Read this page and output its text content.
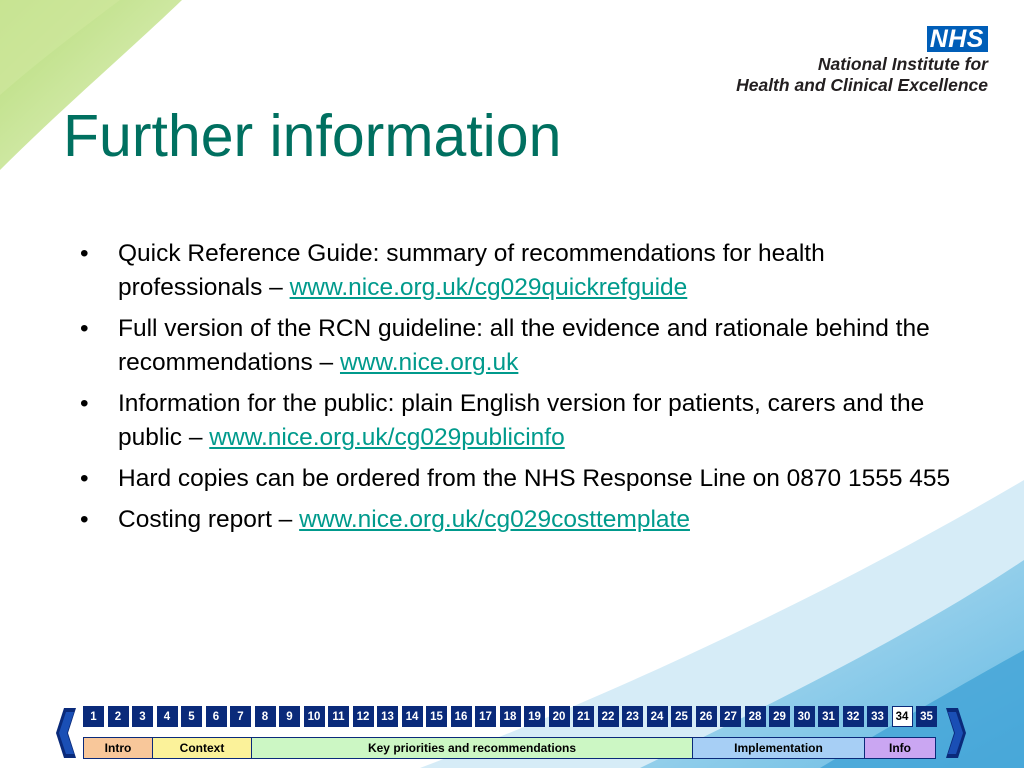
NHS
National Institute for
Health and Clinical Excellence
Further information
• Quick Reference Guide: summary of recommendations for health professionals – www.nice.org.uk/cg029quickrefguide
• Full version of the RCN guideline: all the evidence and rationale behind the recommendations – www.nice.org.uk
• Information for the public: plain English version for patients, carers and the public – www.nice.org.uk/cg029publicinfo
• Hard copies can be ordered from the NHS Response Line on 0870 1555 455
• Costing report – www.nice.org.uk/cg029costtemplate
1	2	3	4	5	6	7	8	9	10	11	12	13	14	15	16	17	18	19	20	21	22	23	24	25	26	27	28	29	30	31	32	33	34	35
Intro	Context	Key priorities and recommendations	Implementation	Info
